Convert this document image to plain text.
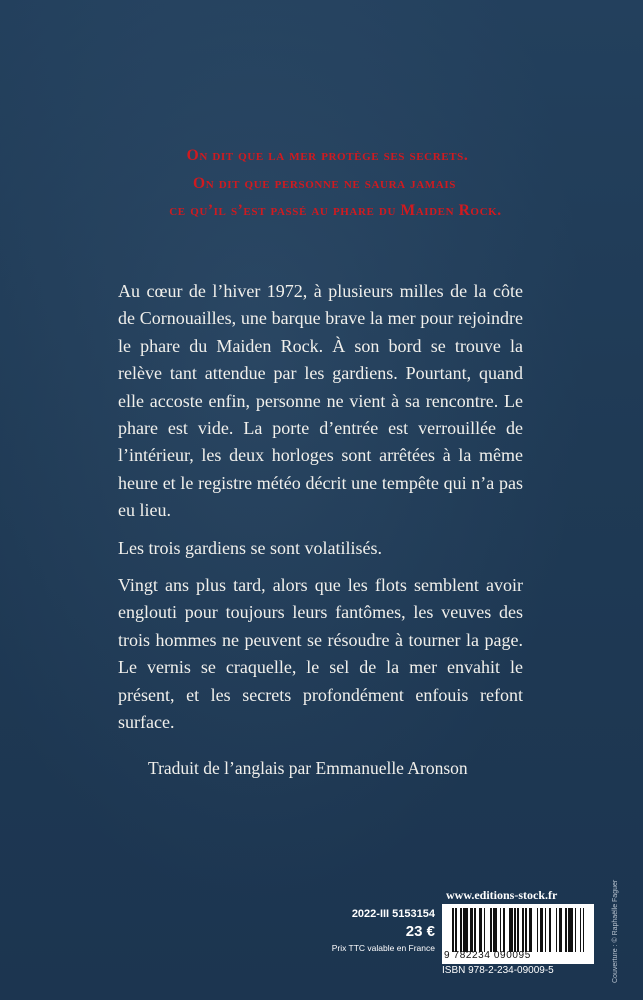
On dit que la mer protège ses secrets.
On dit que personne ne saura jamais
ce qu’il s’est passé au phare du Maiden Rock.

Au cœur de l’hiver 1972, à plusieurs milles de la côte de Cornouailles, une barque brave la mer pour rejoindre le phare du Maiden Rock. À son bord se trouve la relève tant attendue par les gardiens. Pourtant, quand elle accoste enfin, personne ne vient à sa rencontre. Le phare est vide. La porte d’entrée est verrouillée de l’intérieur, les deux horloges sont arrêtées à la même heure et le registre météo décrit une tempête qui n’a pas eu lieu.

Les trois gardiens se sont volatilisés.

Vingt ans plus tard, alors que les flots semblent avoir englouti pour toujours leurs fantômes, les veuves des trois hommes ne peuvent se résoudre à tourner la page. Le vernis se craquelle, le sel de la mer envahit le présent, et les secrets profondément enfouis refont surface.

Traduit de l’anglais par Emmanuelle Aronson
Couverture : © Raphaëlle Faguer
www.editions-stock.fr
2022-III 5153154
23 €
Prix TTC valable en France
9 782234 090095
ISBN 978-2-234-09009-5
